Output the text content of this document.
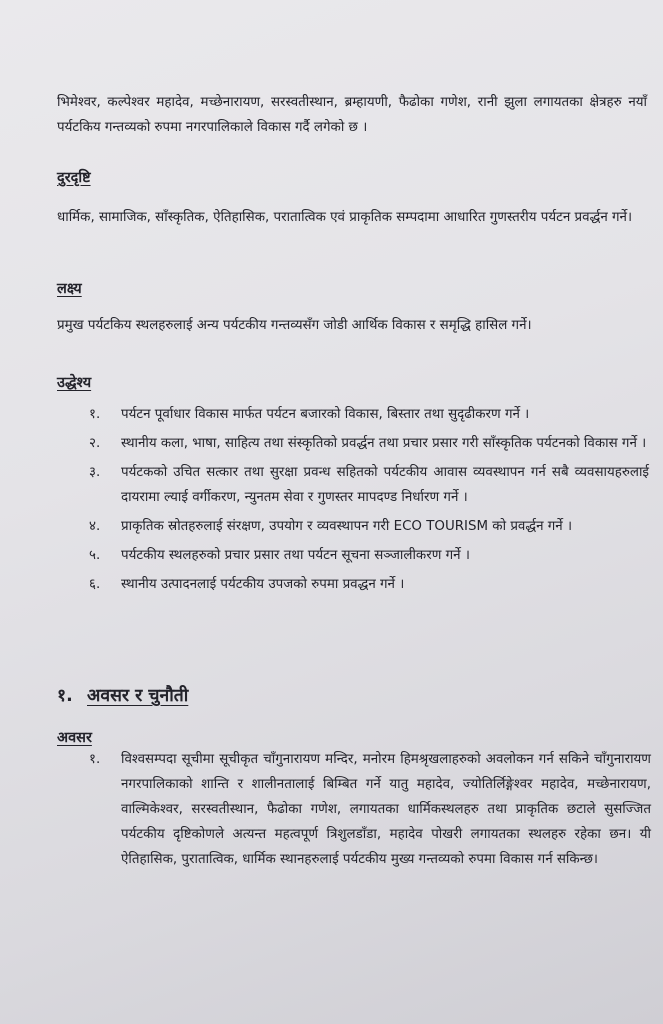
भिमेश्वर, कल्पेश्वर महादेव, मच्छेनारायण, सरस्वतीस्थान, ब्रम्हायणी, फैढोका गणेश, रानी झुला लगायतका क्षेत्रहरु नयाँ पर्यटकिय गन्तव्यको रुपमा नगरपालिकाले विकास गर्दै लगेको छ ।
दुरदृष्टि
धार्मिक, सामाजिक, साँस्कृतिक, ऐतिहासिक, परातात्विक एवं प्राकृतिक सम्पदामा आधारित गुणस्तरीय पर्यटन प्रवर्द्धन गर्ने।
लक्ष्य
प्रमुख पर्यटकिय स्थलहरुलाई अन्य पर्यटकीय गन्तव्यसँग जोडी आर्थिक विकास र समृद्धि हासिल गर्ने।
उद्धेश्य
१.	पर्यटन पूर्वाधार विकास मार्फत पर्यटन बजारको विकास, बिस्तार तथा सुदृढीकरण गर्ने ।
२.	स्थानीय कला, भाषा, साहित्य तथा संस्कृतिको प्रवर्द्धन तथा प्रचार प्रसार गरी साँस्कृतिक पर्यटनको विकास गर्ने ।
३.	पर्यटकको उचित सत्कार तथा सुरक्षा प्रवन्ध सहितको पर्यटकीय आवास व्यवस्थापन गर्न सबै व्यवसायहरुलाई दायरामा ल्याई वर्गीकरण, न्युनतम सेवा र गुणस्तर मापदण्ड निर्धारण गर्ने ।
४.	प्राकृतिक स्रोतहरुलाई संरक्षण, उपयोग र व्यवस्थापन गरी ECO TOURISM को प्रवर्द्धन गर्ने ।
५.	पर्यटकीय स्थलहरुको प्रचार प्रसार तथा पर्यटन सूचना सञ्जालीकरण गर्ने ।
६.	स्थानीय उत्पादनलाई पर्यटकीय उपजको रुपमा प्रवद्धन गर्ने ।
१. अवसर र चुनौती
अवसर
१.	विश्वसम्पदा सूचीमा सूचीकृत चाँगुनारायण मन्दिर, मनोरम हिमश्रृखलाहरुको अवलोकन गर्न सकिने चाँगुनारायण नगरपालिकाको शान्ति र शालीनतालाई बिम्बित गर्ने यातु महादेव, ज्योतिर्लिङ्गेश्वर महादेव, मच्छेनारायण, वाल्मिकेश्वर, सरस्वतीस्थान, फैढोका गणेश, लगायतका धार्मिकस्थलहरु तथा प्राकृतिक छटाले सुसज्जित पर्यटकीय दृष्टिकोणले अत्यन्त महत्वपूर्ण त्रिशुलडाँडा, महादेव पोखरी लगायतका स्थलहरु रहेका छन। यी ऐतिहासिक, पुरातात्विक, धार्मिक स्थानहरुलाई पर्यटकीय मुख्य गन्तव्यको रुपमा विकास गर्न सकिन्छ।
